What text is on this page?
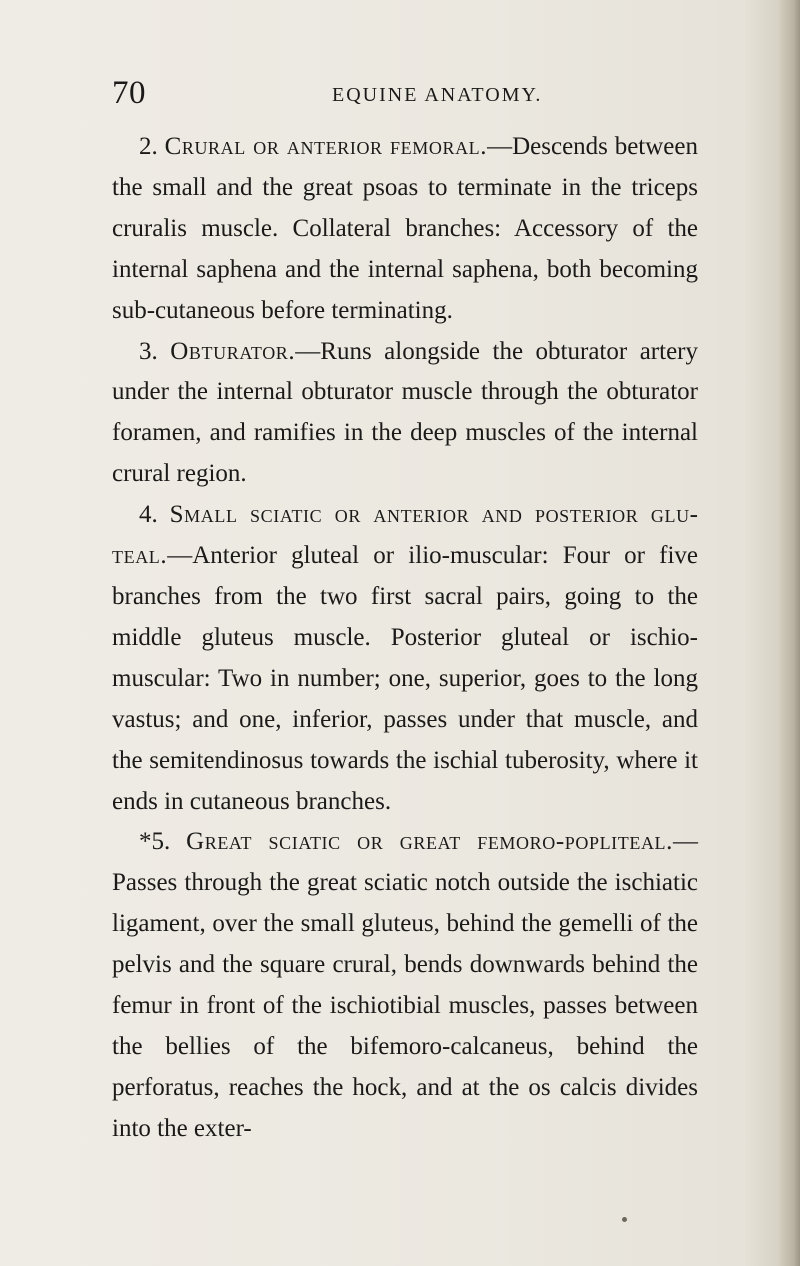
70	EQUINE ANATOMY.

2. Crural or anterior femoral.—Descends between the small and the great psoas to terminate in the triceps cruralis muscle. Collateral branches: Accessory of the internal saphena and the internal saphena, both becoming sub-cutaneous before terminating.

3. Obturator.—Runs alongside the obturator artery under the internal obturator muscle through the obturator foramen, and ramifies in the deep muscles of the internal crural region.

4. Small sciatic or anterior and posterior gluteal.—Anterior gluteal or ilio-muscular: Four or five branches from the two first sacral pairs, going to the middle gluteus muscle. Posterior gluteal or ischio-muscular: Two in number; one, superior, goes to the long vastus; and one, inferior, passes under that muscle, and the semitendinosus towards the ischial tuberosity, where it ends in cutaneous branches.

*5. Great sciatic or great femoro-popliteal.— Passes through the great sciatic notch outside the ischiatic ligament, over the small gluteus, behind the gemelli of the pelvis and the square crural, bends downwards behind the femur in front of the ischiotibial muscles, passes between the bellies of the bifemoro-calcaneus, behind the perforatus, reaches the hock, and at the os calcis divides into the exter-
